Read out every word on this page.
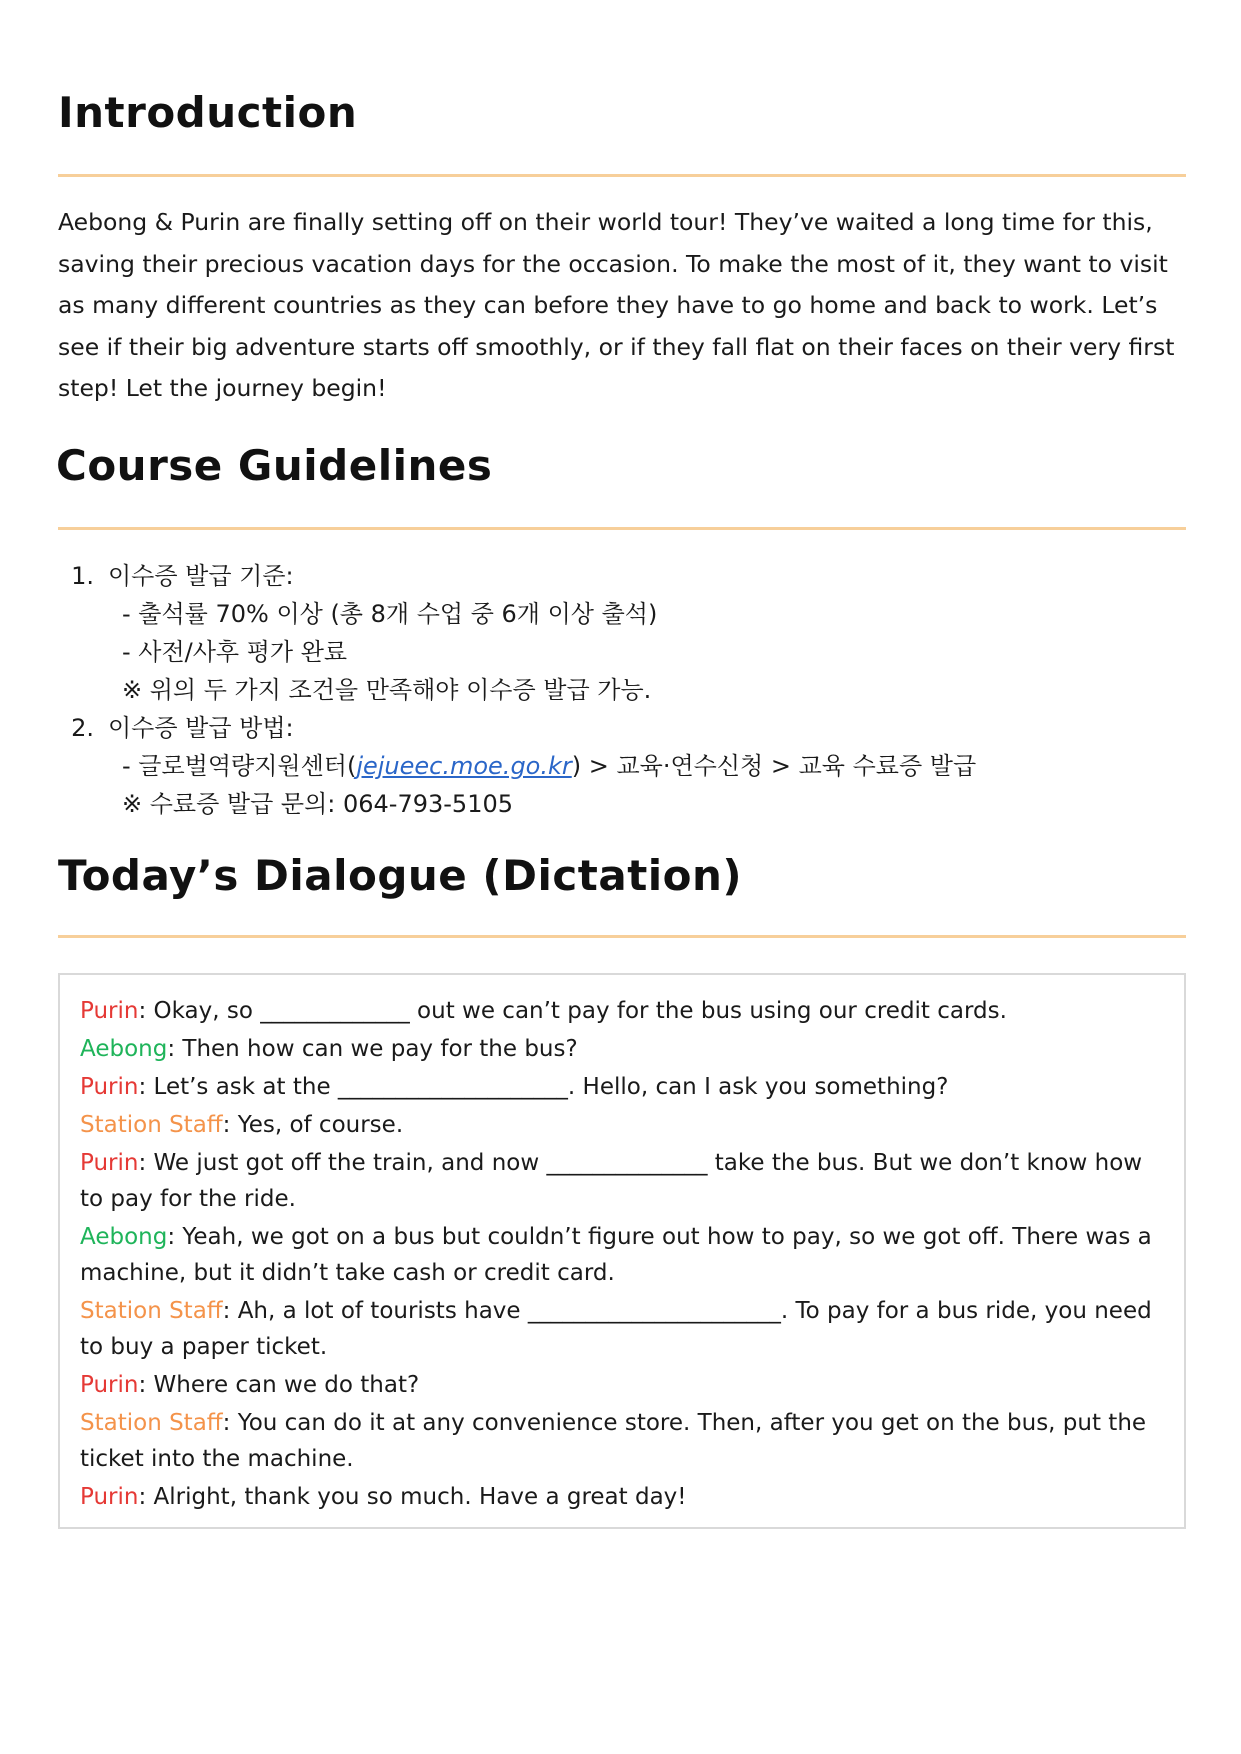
Introduction

Aebong & Purin are finally setting off on their world tour! They’ve waited a long time for this, saving their precious vacation days for the occasion. To make the most of it, they want to visit as many different countries as they can before they have to go home and back to work. Let’s see if their big adventure starts off smoothly, or if they fall flat on their faces on their very first step! Let the journey begin!

Course Guidelines
1. 이수증 발급 기준:
- 출석률 70% 이상 (총 8개 수업 중 6개 이상 출석)
- 사전/사후 평가 완료
※ 위의 두 가지 조건을 만족해야 이수증 발급 가능.
2. 이수증 발급 방법:
- 글로벌역량지원센터(jejueec.moe.go.kr) > 교육·연수신청 > 교육 수료증 발급
※ 수료증 발급 문의: 064-793-5105
Today’s Dialogue (Dictation)

Purin: Okay, so _____________ out we can’t pay for the bus using our credit cards.

Aebong: Then how can we pay for the bus?

Purin: Let’s ask at the ____________________. Hello, can I ask you something?

Station Staff: Yes, of course.

Purin: We just got off the train, and now ______________ take the bus. But we don’t know how to pay for the ride.

Aebong: Yeah, we got on a bus but couldn’t figure out how to pay, so we got off. There was a machine, but it didn’t take cash or credit card.

Station Staff: Ah, a lot of tourists have ______________________. To pay for a bus ride, you need to buy a paper ticket.

Purin: Where can we do that?

Station Staff: You can do it at any convenience store. Then, after you get on the bus, put the ticket into the machine.

Purin: Alright, thank you so much. Have a great day!
